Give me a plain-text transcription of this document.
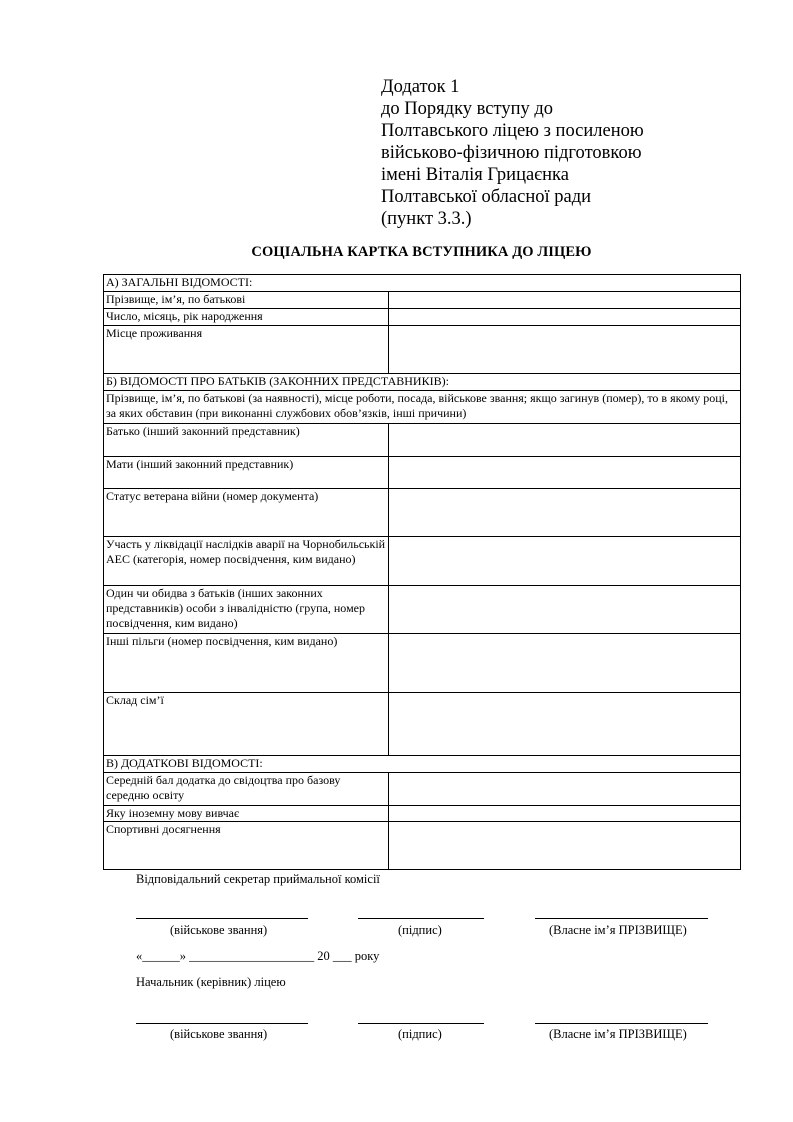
Додаток 1
до Порядку вступу до
Полтавського ліцею з посиленою
військово-фізичною підготовкою
імені Віталія Грицаєнка
Полтавської обласної ради
(пункт 3.3.)
СОЦІАЛЬНА КАРТКА ВСТУПНИКА ДО ЛІЦЕЮ
А) ЗАГАЛЬНІ ВІДОМОСТІ:	
Прізвище, ім’я, по батькові	
Число, місяць, рік народження	
Місце проживання	
Б) ВІДОМОСТІ ПРО БАТЬКІВ (ЗАКОННИХ ПРЕДСТАВНИКІВ):	
Прізвище, ім’я, по батькові (за наявності), місце роботи, посада, військове звання; якщо загинув (помер), то в якому році, за яких обставин (при виконанні службових обов’язків, інші причини)	
Батько (інший законний представник)	
Мати (інший законний представник)	
Статус ветерана війни (номер документа)	
Участь у ліквідації наслідків аварії на Чорнобильській АЕС (категорія, номер посвідчення, ким видано)	
Один чи обидва з батьків (інших законних представників) особи з інвалідністю (група, номер посвідчення, ким видано)	
Інші пільги (номер посвідчення, ким видано)	
Склад сім’ї	
В) ДОДАТКОВІ ВІДОМОСТІ:	
Середній бал додатка до свідоцтва про базову середню освіту	
Яку іноземну мову вивчає	
Спортивні досягнення	
Відповідальний секретар приймальної комісії
(військове звання)	(підпис)	(Власне ім’я ПРІЗВИЩЕ)
«______» ____________________ 20 ___ року
Начальник (керівник) ліцею
(військове звання)	(підпис)	(Власне ім’я ПРІЗВИЩЕ)
